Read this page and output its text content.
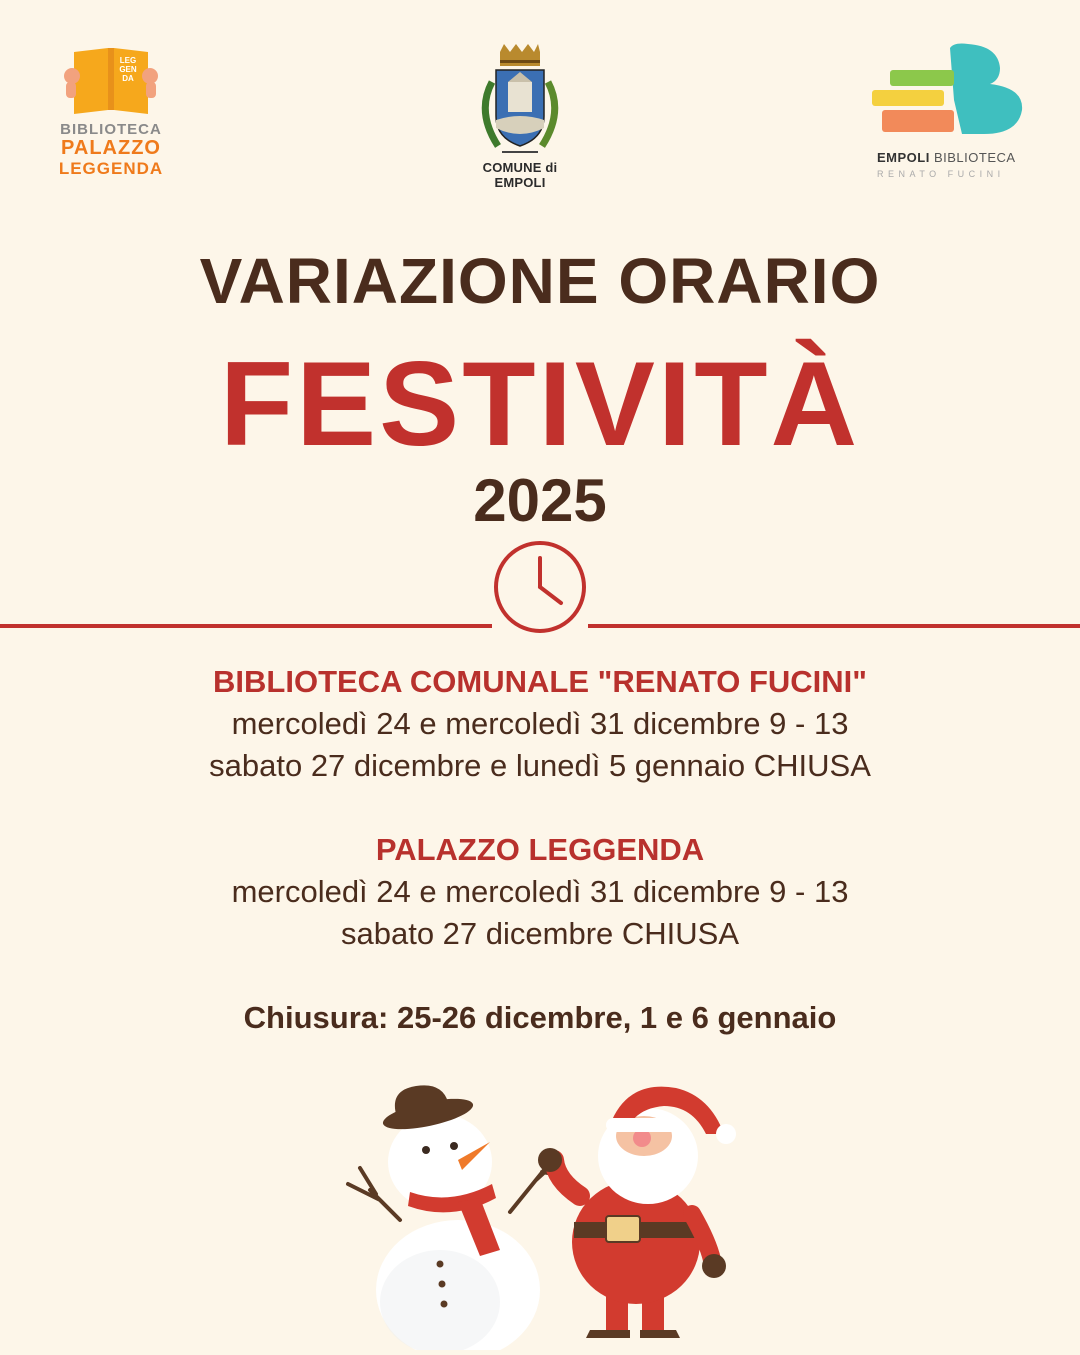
LEGGENDA
BIBLIOTECA
PALAZZO
LEGGENDA	COMUNE di EMPOLI
EMPOLI BIBLIOTECA
RENATO FUCINI
VARIAZIONE ORARIO
FESTIVITÀ
2025
BIBLIOTECA COMUNALE "RENATO FUCINI"
mercoledì 24 e mercoledì 31 dicembre 9 - 13
sabato 27 dicembre e lunedì 5 gennaio CHIUSA
PALAZZO LEGGENDA
mercoledì 24 e mercoledì 31 dicembre 9 - 13
sabato 27 dicembre CHIUSA
Chiusura: 25-26 dicembre, 1 e 6 gennaio
